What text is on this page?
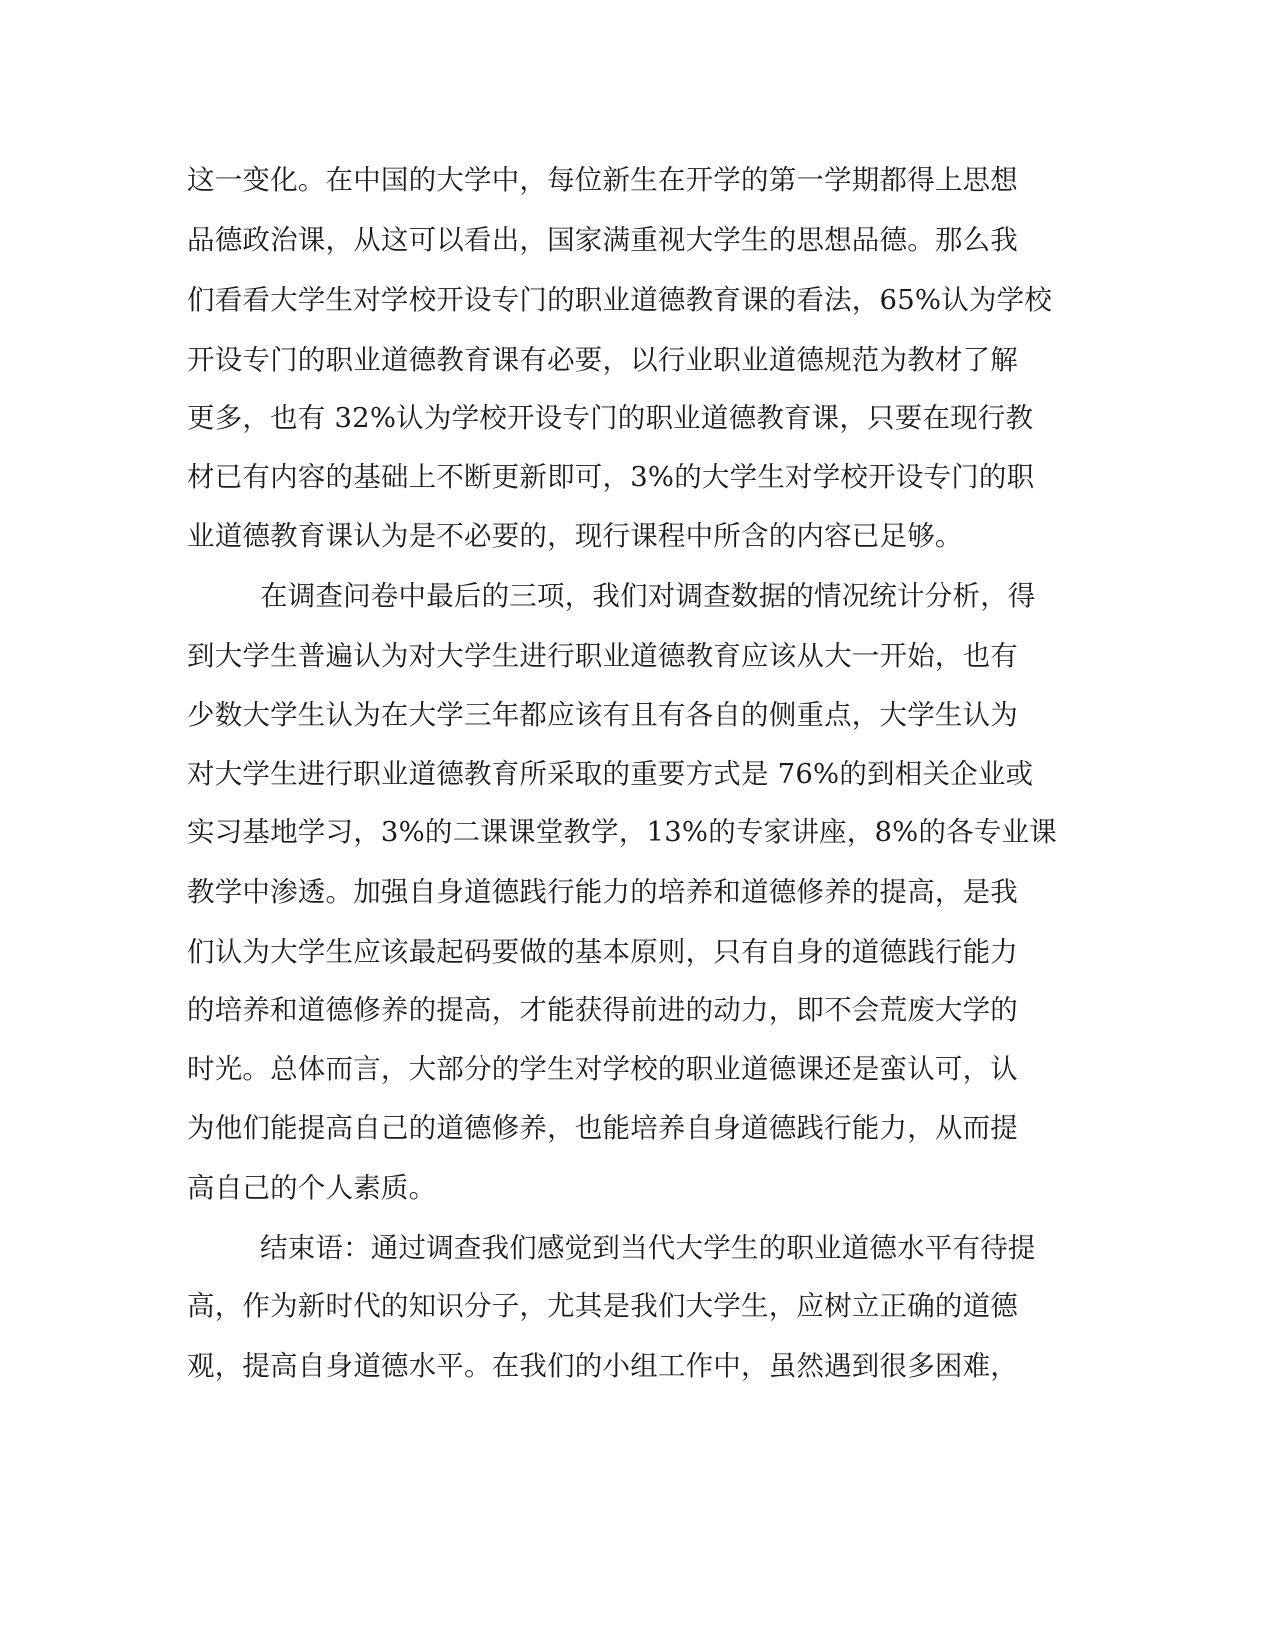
这一变化。在中国的大学中，每位新生在开学的第一学期都得上思想
品德政治课，从这可以看出，国家满重视大学生的思想品德。那么我
们看看大学生对学校开设专门的职业道德教育课的看法，65%认为学校
开设专门的职业道德教育课有必要，以行业职业道德规范为教材了解
更多，也有 32%认为学校开设专门的职业道德教育课，只要在现行教
材已有内容的基础上不断更新即可，3%的大学生对学校开设专门的职
业道德教育课认为是不必要的，现行课程中所含的内容已足够。
在调查问卷中最后的三项，我们对调查数据的情况统计分析，得
到大学生普遍认为对大学生进行职业道德教育应该从大一开始，也有
少数大学生认为在大学三年都应该有且有各自的侧重点，大学生认为
对大学生进行职业道德教育所采取的重要方式是 76%的到相关企业或
实习基地学习，3%的二课课堂教学，13%的专家讲座，8%的各专业课
教学中渗透。加强自身道德践行能力的培养和道德修养的提高，是我
们认为大学生应该最起码要做的基本原则，只有自身的道德践行能力
的培养和道德修养的提高，才能获得前进的动力，即不会荒废大学的
时光。总体而言，大部分的学生对学校的职业道德课还是蛮认可，认
为他们能提高自己的道德修养，也能培养自身道德践行能力，从而提
高自己的个人素质。
结束语：通过调查我们感觉到当代大学生的职业道德水平有待提
高，作为新时代的知识分子，尤其是我们大学生，应树立正确的道德
观，提高自身道德水平。在我们的小组工作中，虽然遇到很多困难，
